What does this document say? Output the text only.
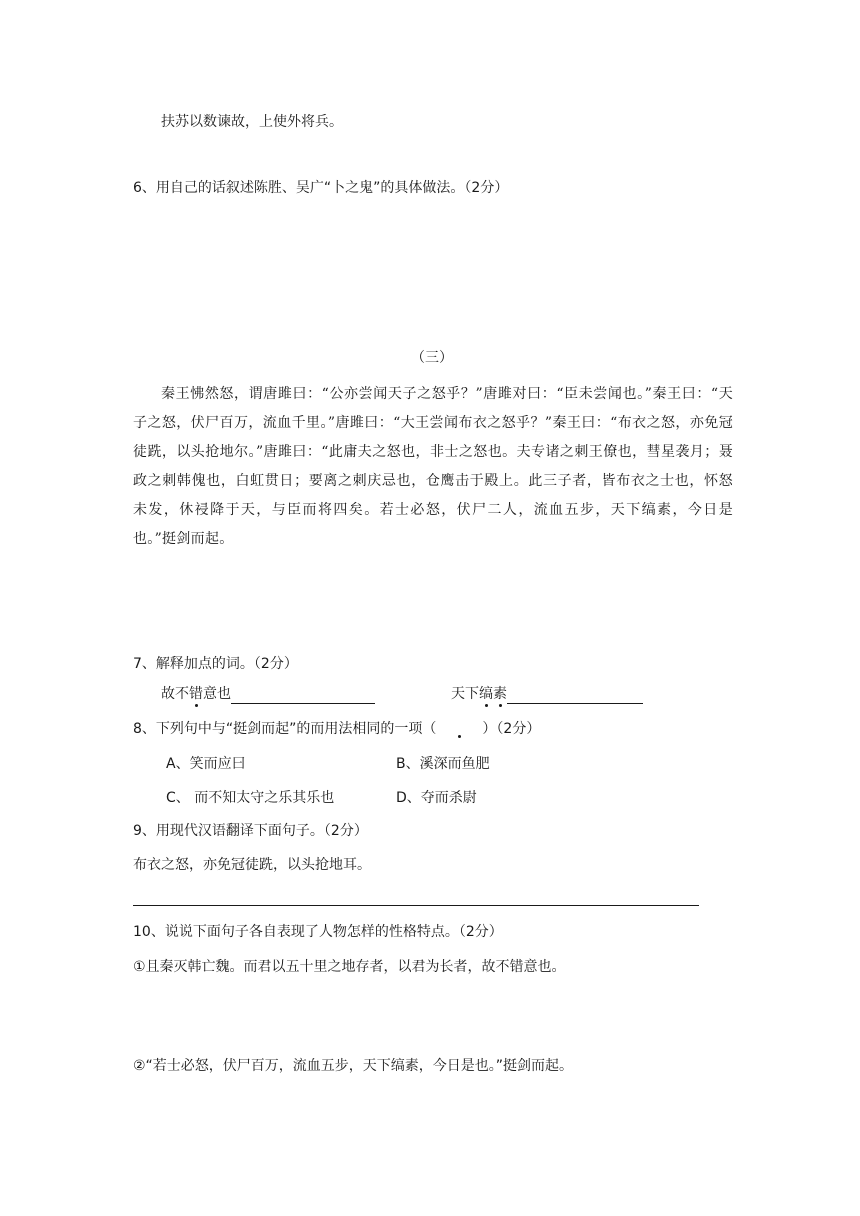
扶苏以数谏故，上使外将兵。
6、用自己的话叙述陈胜、吴广“卜之鬼”的具体做法。（2分）
（三）
秦王怫然怒，谓唐雎曰：“公亦尝闻天子之怒乎？”唐雎对曰：“臣未尝闻也。”秦王曰：“天子之怒，伏尸百万，流血千里。”唐雎曰：“大王尝闻布衣之怒乎？”秦王曰：“布衣之怒，亦免冠徒跣，以头抢地尔。”唐雎曰：“此庸夫之怒也，非士之怒也。夫专诸之刺王僚也，彗星袭月；聂政之刺韩傀也，白虹贯日；要离之刺庆忌也，仓鹰击于殿上。此三子者，皆布衣之士也，怀怒未发，休祲降于天，与臣而将四矣。若士必怒，伏尸二人，流血五步，天下缟素，今日是也。”挺剑而起。
7、解释加点的词。（2分）
故不错意也	天下缟素
8、下列句中与“挺剑而起”的而用法相同的一项（	）（2分）
A、笑而应曰	B、溪深而鱼肥
C、 而不知太守之乐其乐也	D、夺而杀尉
9、用现代汉语翻译下面句子。（2分）
布衣之怒，亦免冠徒跣，以头抢地耳。
10、说说下面句子各自表现了人物怎样的性格特点。（2分）
①且秦灭韩亡魏。而君以五十里之地存者，以君为长者，故不错意也。
②“若士必怒，伏尸百万，流血五步，天下缟素，今日是也。”挺剑而起。
